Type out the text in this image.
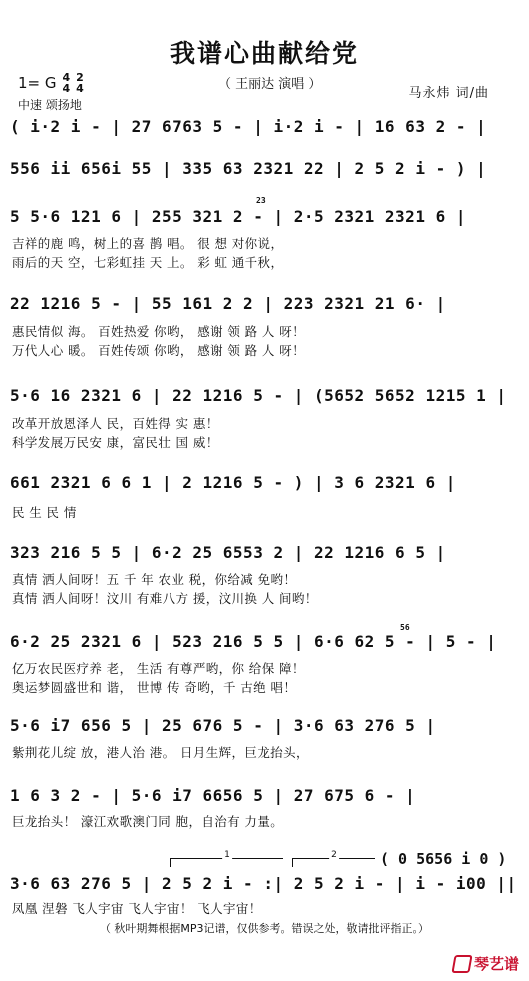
我谱心曲献给党
1= G 4
4
2
4	（ 王丽达 演唱 ）
中速 颂扬地
马永炜 词/曲
( i·2 i - | 27 6763 5 - | i·2 i - | 16 63 2 - |
556 ii 656i 55 | 335 63 2321 22 | 2 5 2 i - ) |
23
5 5·6 121 6 | 255 321 2 - | 2·5 2321 2321 6 |
吉祥的鹿 鸣，树上的喜 鹊 唱。 很 想 对你说，
雨后的天 空，七彩虹挂 天 上。 彩 虹 通千秋，
22 1216 5 - | 55 161 2 2 | 223 2321 21 6· |
惠民情似 海。 百姓热爱 你哟， 感谢 领 路 人 呀！
万代人心 暖。 百姓传颂 你哟， 感谢 领 路 人 呀！
5·6 16 2321 6 | 22 1216 5 - | (5652 5652 1215 1 |
改革开放恩泽人 民，百姓得 实 惠！
科学发展万民安 康，富民壮 国 威！
661 2321 6 6 1 | 2 1216 5 - ) | 3 6 2321 6 |
民 生 民 情
323 216 5 5 | 6·2 25 6553 2 | 22 1216 6 5 |
真情 洒人间呀！五 千 年 农业 税，你给减 免哟！
真情 洒人间呀！汶川 有难八方 援，汶川换 人 间哟！
56
6·2 25 2321 6 | 523 216 5 5 | 6·6 62 5 - | 5 - |
亿万农民医疗养 老， 生活 有尊严哟，你 给保 障！
奥运梦圆盛世和 谐， 世博 传 奇哟，千 古绝 唱！
5·6 i7 656 5 | 25 676 5 - | 3·6 63 276 5 |
紫荆花儿绽 放，港人治 港。 日月生辉，巨龙抬头，
1 6 3 2 - | 5·6 i7 6656 5 | 27 675 6 - |
巨龙抬头！ 濠江欢歌澳门同 胞，自治有 力量。
1	2	( 0 5656 i 0 )
3·6 63 276 5 | 2 5 2 i - :| 2 5 2 i - | i - i00 ||
凤凰 涅磐 飞人宇宙 飞人宇宙！ 飞人宇宙！
（ 秋叶期舞根据MP3记谱，仅供参考。错误之处，敬请批评指正。）
琴艺谱
